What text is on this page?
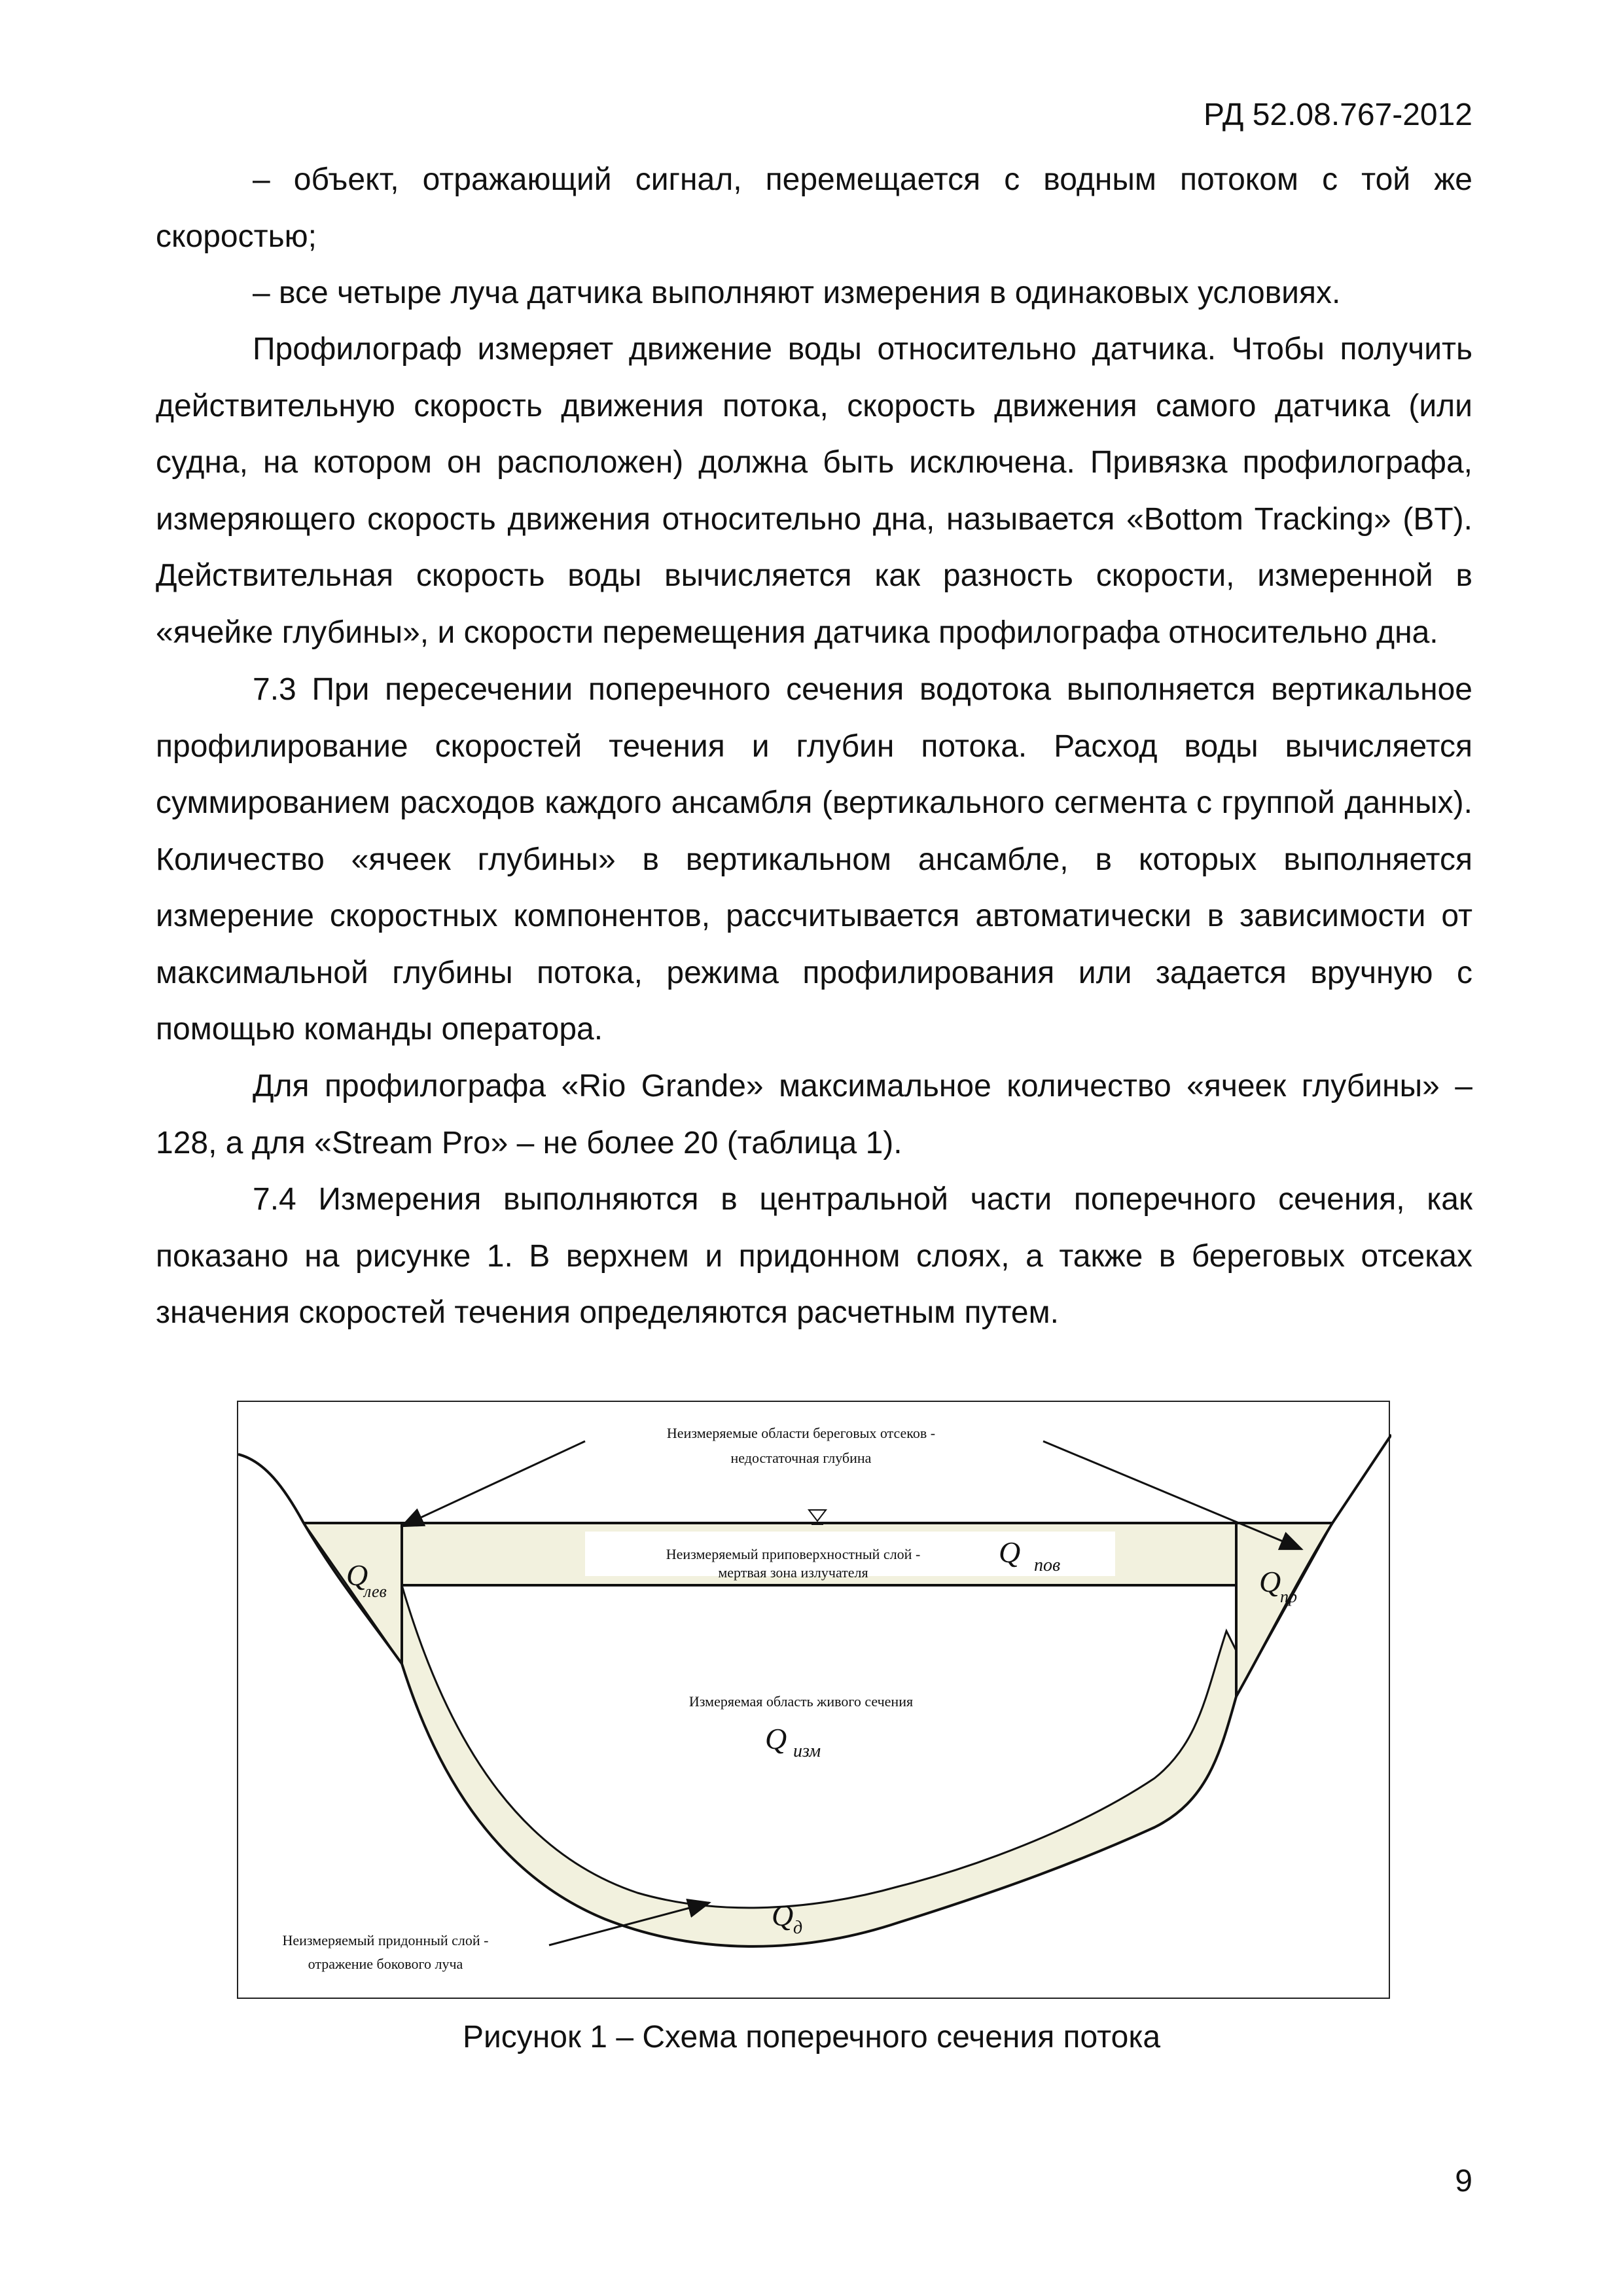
РД 52.08.767-2012

– объект, отражающий сигнал, перемещается с водным потоком с той же скоростью;

– все четыре луча датчика выполняют измерения в одинаковых условиях.

Профилограф измеряет движение воды относительно датчика. Чтобы получить действительную скорость движения потока, скорость движения самого датчика (или судна, на котором он расположен) должна быть исключена. Привязка профилографа, измеряющего скорость движения относительно дна, называется «Bottom Tracking» (BT). Действительная скорость воды вычисляется как разность скорости, измеренной в «ячейке глубины», и скорости перемещения датчика профилографа относительно дна.

7.3 При пересечении поперечного сечения водотока выполняется вертикальное профилирование скоростей течения и глубин потока. Расход воды вычисляется суммированием расходов каждого ансамбля (вертикального сегмента с группой данных). Количество «ячеек глубины» в вертикальном ансамбле, в которых выполняется измерение скоростных компонентов, рассчитывается автоматически в зависимости от максимальной глубины потока, режима профилирования или задается вручную с помощью команды оператора.

Для профилографа «Rio Grande» максимальное количество «ячеек глубины» – 128, а для «Stream Pro» – не более 20 (таблица 1).

7.4 Измерения выполняются в центральной части поперечного сечения, как показано на рисунке 1. В верхнем и придонном слоях, а также в береговых отсеках значения скоростей течения определяются расчетным путем.

Неизмеряемые области береговых отсеков -
недостаточная глубина
Неизмеряемый приповерхностный слой -
мертвая зона излучателя
Измеряемая область живого сечения
Неизмеряемый придонный слой -
отражение бокового луча
Q
лев	Q
пр
Q пов
Q изм
Q д
Рисунок 1 – Схема поперечного сечения потока
9
